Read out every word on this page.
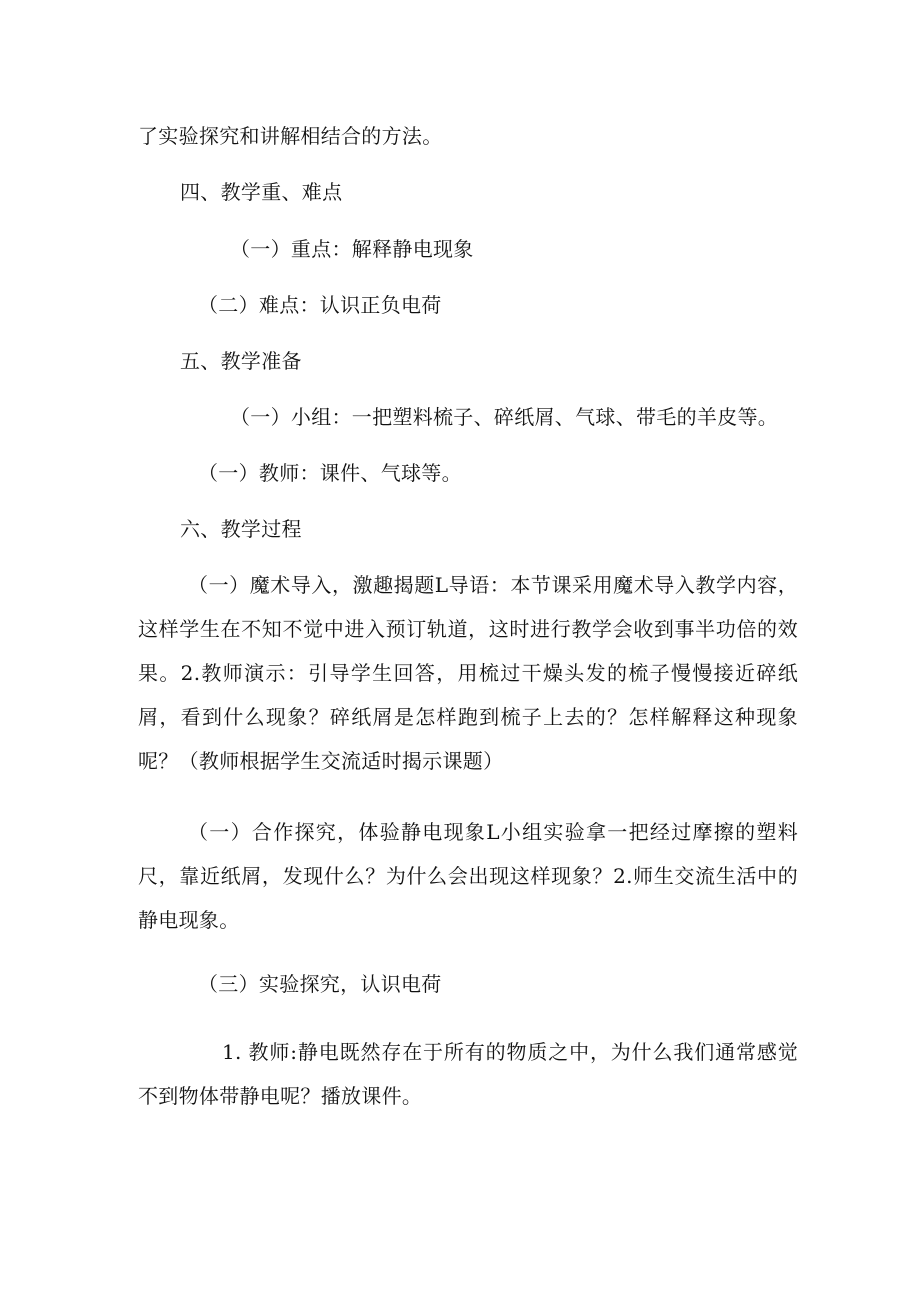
了实验探究和讲解相结合的方法。
四、教学重、难点
（一）重点：解释静电现象
（二）难点：认识正负电荷
五、教学准备
（一）小组：一把塑料梳子、碎纸屑、气球、带毛的羊皮等。
（一）教师：课件、气球等。
六、教学过程
（一）魔术导入，激趣揭题L导语：本节课采用魔术导入教学内容，这样学生在不知不觉中进入预订轨道，这时进行教学会收到事半功倍的效果。2.教师演示：引导学生回答，用梳过干燥头发的梳子慢慢接近碎纸屑，看到什么现象？碎纸屑是怎样跑到梳子上去的？怎样解释这种现象呢？（教师根据学生交流适时揭示课题）
（一）合作探究，体验静电现象L小组实验拿一把经过摩擦的塑料尺，靠近纸屑，发现什么？为什么会出现这样现象？2.师生交流生活中的静电现象。
（三）实验探究，认识电荷
1. 教师:静电既然存在于所有的物质之中，为什么我们通常感觉不到物体带静电呢？播放课件。
